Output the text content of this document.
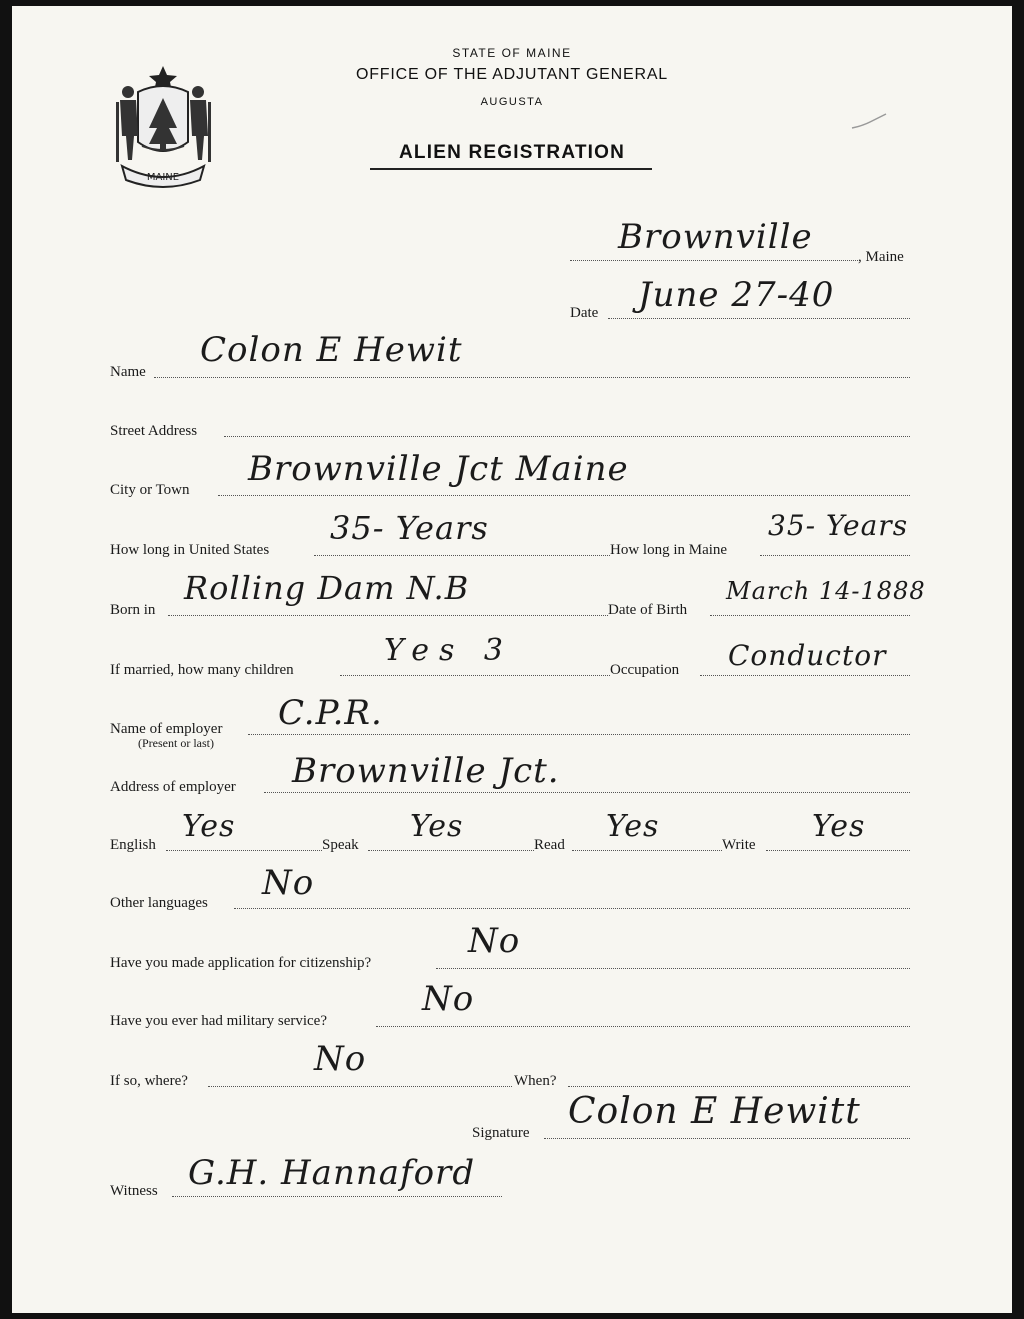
MAINE
STATE OF MAINE
OFFICE OF THE ADJUTANT GENERAL
AUGUSTA
ALIEN REGISTRATION
Brownville	, Maine
Date June 27-40
Name
Colon E Hewit
Street Address
City or Town
Brownville Jct Maine
How long in United States
35- Years
How long in Maine
35- Years
Born in
Rolling Dam N.B
Date of Birth
March 14-1888
If married, how many children
Yes 3
Occupation Conductor
Name of employer
(Present or last)
C.P.R.
Address of employer Brownville Jct.
English
Yes
Speak
Yes
Read
Yes
Write
Yes
Other languages No
Have you made application for citizenship?
No
Have you ever had military service?
No
If so, where?
No
When?
Signature
Colon E Hewitt
Witness G.H. Hannaford
